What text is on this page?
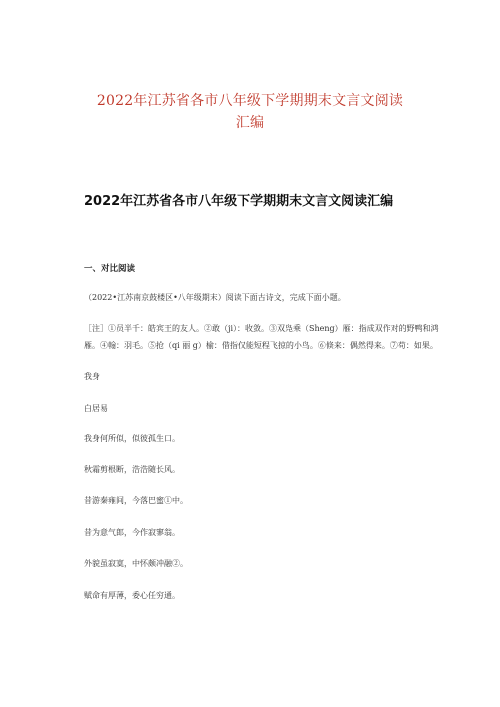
2022年江苏省各市八年级下学期期末文言文阅读
汇编
2022年江苏省各市八年级下学期期末文言文阅读汇编
一、对比阅读
（2022•江苏南京鼓楼区•八年级期末）阅读下面古诗文，完成下面小题。
［注］①员半千：皓宾王的友人。②敢（ji）：收敛。③双凫乘（Sheng）雁：指成双作对的野鸭和鸿
雁。④翰：羽毛。⑤抢（qi 丽 g）榆：借指仅能短程飞掠的小鸟。⑥倏来：偶然得来。⑦苟：如果。
我身
白居易
我身何所似，似彼孤生口。
秋霜剪根断，浩浩随长风。
昔游秦雍间，今落巴蜜①中。
昔为意气郎，今作寂寥翁。
外貌虽寂寞，中怀颇冲融②。
赋命有厚薄，委心任穷通。
